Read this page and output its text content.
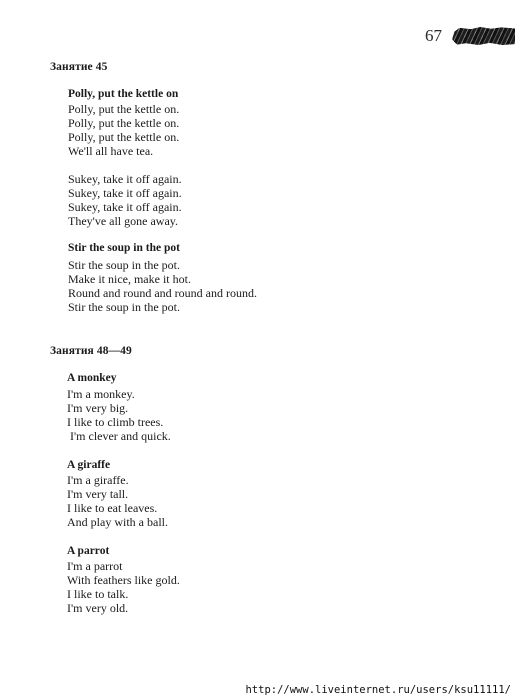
67
Занятие 45
Polly, put the kettle on
Polly, put the kettle on.
Polly, put the kettle on.
Polly, put the kettle on.
We'll all have tea.
Sukey, take it off again.
Sukey, take it off again.
Sukey, take it off again.
They've all gone away.
Stir the soup in the pot
Stir the soup in the pot.
Make it nice, make it hot.
Round and round and round and round.
Stir the soup in the pot.
Занятия 48—49
A monkey
I'm a monkey.
I'm very big.
I like to climb trees.
I'm clever and quick.
A giraffe
I'm a giraffe.
I'm very tall.
I like to eat leaves.
And play with a ball.
A parrot
I'm a parrot
With feathers like gold.
I like to talk.
I'm very old.
http://www.liveinternet.ru/users/ksu11111/
